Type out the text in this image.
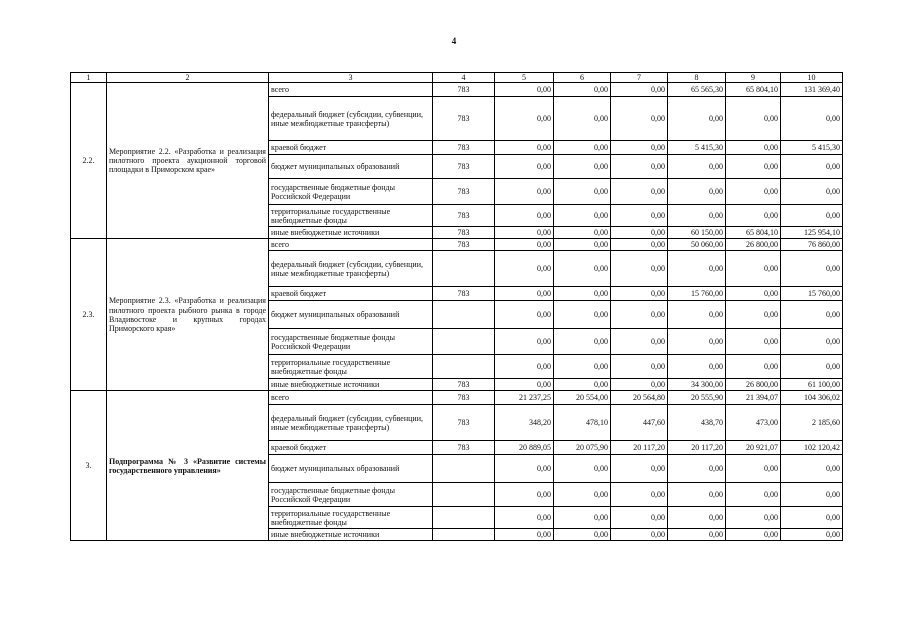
4
1	2	3	4	5	6	7	8	9	10
2.2.	Мероприятие 2.2. «Разработка и реализация пилотного проекта аукционной торговой площадки в Приморском крае»	всего	783	0,00	0,00	0,00	65 565,30	65 804,10	131 369,40
		федеральный бюджет (субсидии, субвенции, иные межбюджетные трансферты)	783	0,00	0,00	0,00	0,00	0,00	0,00
		краевой бюджет	783	0,00	0,00	0,00	5 415,30	0,00	5 415,30
		бюджет муниципальных образований	783	0,00	0,00	0,00	0,00	0,00	0,00
		государственные бюджетные фонды Российской Федерации	783	0,00	0,00	0,00	0,00	0,00	0,00
		территориальные государственные внебюджетные фонды	783	0,00	0,00	0,00	0,00	0,00	0,00
		иные внебюджетные источники	783	0,00	0,00	0,00	60 150,00	65 804,10	125 954,10
2.3.	Мероприятие 2.3. «Разработка и реализация пилотного проекта рыбного рынка в городе Владивостоке и крупных городах Приморского края»	всего	783	0,00	0,00	0,00	50 060,00	26 800,00	76 860,00
		федеральный бюджет (субсидии, субвенции, иные межбюджетные трансферты)		0,00	0,00	0,00	0,00	0,00	0,00
		краевой бюджет	783	0,00	0,00	0,00	15 760,00	0,00	15 760,00
		бюджет муниципальных образований		0,00	0,00	0,00	0,00	0,00	0,00
		государственные бюджетные фонды Российской Федерации		0,00	0,00	0,00	0,00	0,00	0,00
		территориальные государственные внебюджетные фонды		0,00	0,00	0,00	0,00	0,00	0,00
		иные внебюджетные источники	783	0,00	0,00	0,00	34 300,00	26 800,00	61 100,00
3.	Подпрограмма № 3 «Развитие системы государственного управления»	всего	783	21 237,25	20 554,00	20 564,80	20 555,90	21 394,07	104 306,02
		федеральный бюджет (субсидии, субвенции, иные межбюджетные трансферты)	783	348,20	478,10	447,60	438,70	473,00	2 185,60
		краевой бюджет	783	20 889,05	20 075,90	20 117,20	20 117,20	20 921,07	102 120,42
		бюджет муниципальных образований		0,00	0,00	0,00	0,00	0,00	0,00
		государственные бюджетные фонды Российской Федерации		0,00	0,00	0,00	0,00	0,00	0,00
		территориальные государственные внебюджетные фонды		0,00	0,00	0,00	0,00	0,00	0,00
		иные внебюджетные источники		0,00	0,00	0,00	0,00	0,00	0,00
